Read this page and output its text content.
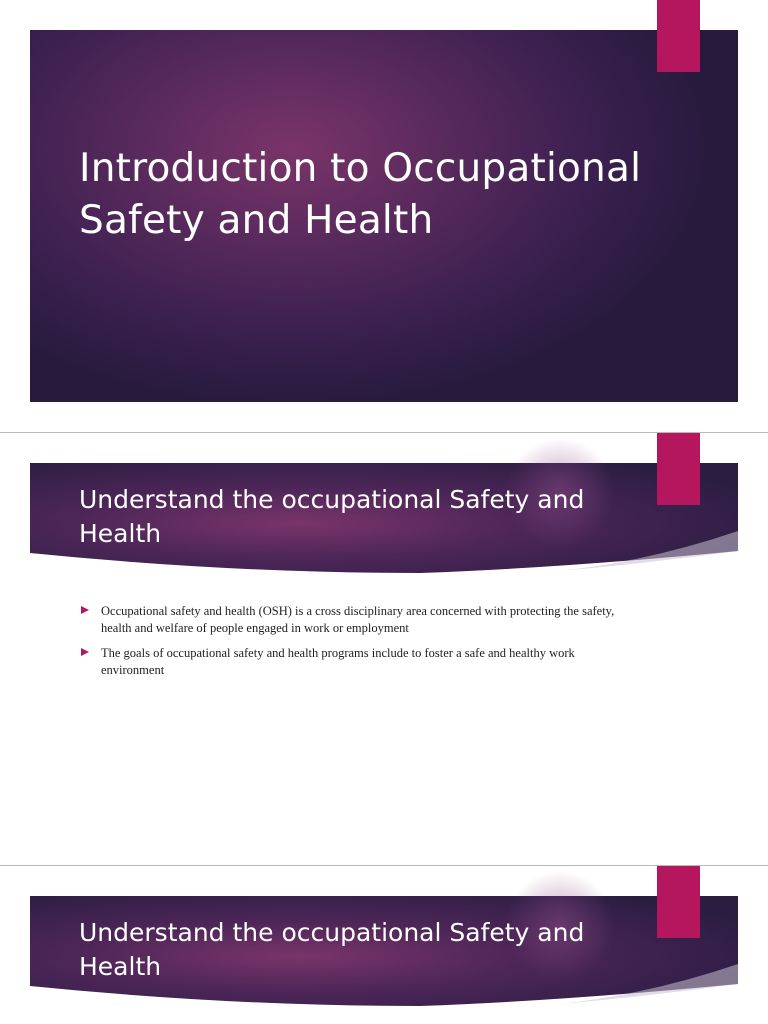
Introduction to Occupational Safety and Health
Understand the occupational Safety and Health
Occupational safety and health (OSH) is a cross disciplinary area concerned with protecting the safety, health and welfare of people engaged in work or employment
The goals of occupational safety and health programs include to foster a safe and healthy work environment
Understand the occupational Safety and Health
